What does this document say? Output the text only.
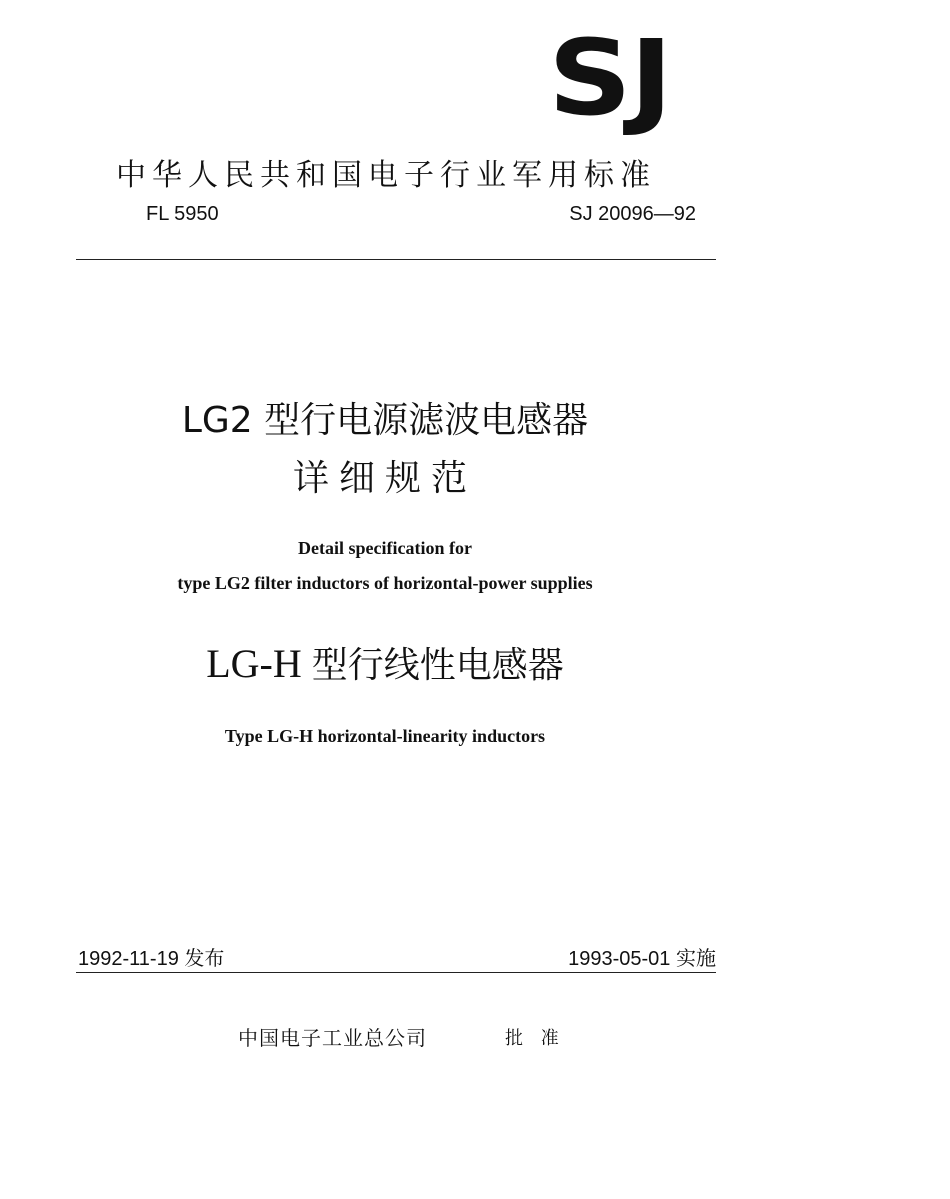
SJ
中华人民共和国电子行业军用标准
FL 5950	SJ 20096—92
LG2 型行电源滤波电感器
详细规范
Detail specification for
type LG2 filter inductors of horizontal-power supplies
LG-H 型行线性电感器
Type LG-H horizontal-linearity inductors
1992-11-19 发布	1993-05-01 实施
中国电子工业总公司	批 准
